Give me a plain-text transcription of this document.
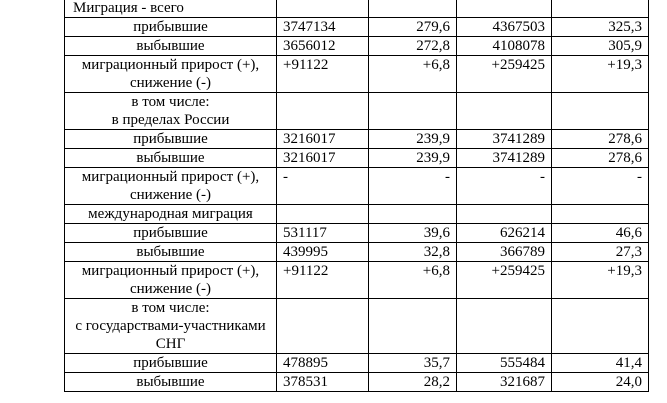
Миграция - всего				

прибывшие	3747134	279,6	4367503	325,3

выбывшие	3656012	272,8	4108078	305,9

миграционный прирост (+),
снижение (-)	+91122	+6,8	+259425	+19,3

в том числе:
в пределах России				

прибывшие	3216017	239,9	3741289	278,6

выбывшие	3216017	239,9	3741289	278,6

миграционный прирост (+),
снижение (-)	-	-	-	-

международная миграция				

прибывшие	531117	39,6	626214	46,6

выбывшие	439995	32,8	366789	27,3

миграционный прирост (+),
снижение (-)	+91122	+6,8	+259425	+19,3

в том числе:
с государствами-участниками
СНГ				

прибывшие	478895	35,7	555484	41,4

выбывшие	378531	28,2	321687	24,0
